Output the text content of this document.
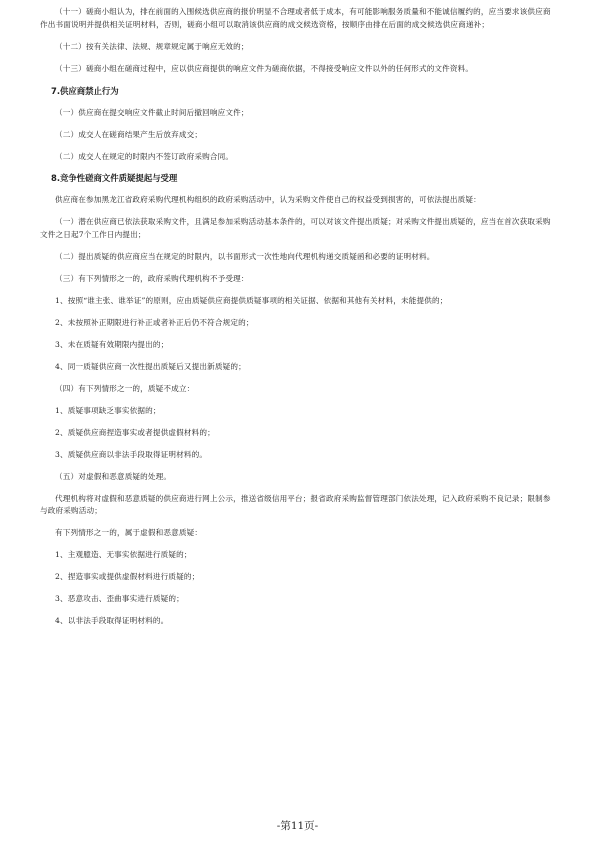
（十一）磋商小组认为，排在前面的入围候选供应商的报价明显不合理或者低于成本，有可能影响服务质量和不能诚信履约的，应当要求该供应商作出书面说明并提供相关证明材料，否则，磋商小组可以取消该供应商的成交候选资格，按顺序由排在后面的成交候选供应商递补；

（十二）按有关法律、法规、规章规定属于响应无效的；

（十三）磋商小组在磋商过程中，应以供应商提供的响应文件为磋商依据，不得接受响应文件以外的任何形式的文件资料。

7.供应商禁止行为

（一）供应商在提交响应文件截止时间后撤回响应文件；

（二）成交人在磋商结果产生后放弃成交；

（二）成交人在规定的时限内不签订政府采购合同。

8.竞争性磋商文件质疑提起与受理

供应商在参加黑龙江省政府采购代理机构组织的政府采购活动中，认为采购文件使自己的权益受到损害的，可依法提出质疑：

（一）潜在供应商已依法获取采购文件，且满足参加采购活动基本条件的，可以对该文件提出质疑；对采购文件提出质疑的，应当在首次获取采购文件之日起7个工作日内提出；

（二）提出质疑的供应商应当在规定的时限内，以书面形式一次性地向代理机构递交质疑函和必要的证明材料。

（三）有下列情形之一的，政府采购代理机构不予受理：

1、按照“谁主张、谁举证”的原则，应由质疑供应商提供质疑事项的相关证据、依据和其他有关材料，未能提供的；

2、未按照补正期限进行补正或者补正后仍不符合规定的；

3、未在质疑有效期限内提出的；

4、同一质疑供应商一次性提出质疑后又提出新质疑的；

（四）有下列情形之一的，质疑不成立：

1、质疑事项缺乏事实依据的；

2、质疑供应商捏造事实或者提供虚假材料的；

3、质疑供应商以非法手段取得证明材料的。

（五）对虚假和恶意质疑的处理。

代理机构将对虚假和恶意质疑的供应商进行网上公示，推送省级信用平台；报省政府采购监督管理部门依法处理，记入政府采购不良记录；限制参与政府采购活动；

有下列情形之一的，属于虚假和恶意质疑：

1、主观臆造、无事实依据进行质疑的；

2、捏造事实或提供虚假材料进行质疑的；

3、恶意攻击、歪曲事实进行质疑的；

4、以非法手段取得证明材料的。

-第11页-
